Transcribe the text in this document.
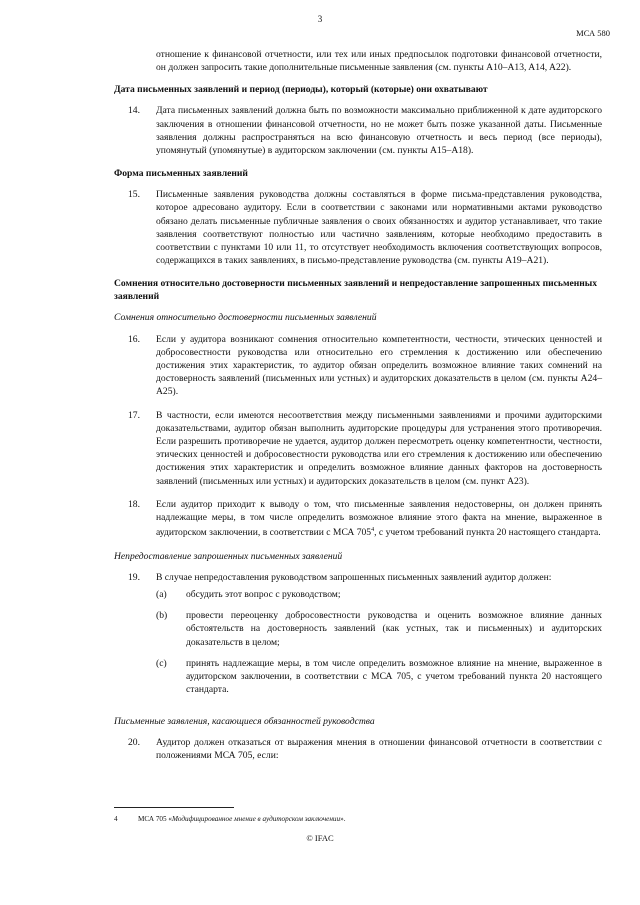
3
МСА 580

отношение к финансовой отчетности, или тех или иных предпосылок подготовки финансовой отчетности, он должен запросить такие дополнительные письменные заявления (см. пункты A10–A13, A14, A22).

Дата письменных заявлений и период (периоды), который (которые) они охватывают
14.	Дата письменных заявлений должна быть по возможности максимально приближенной к дате аудиторского заключения в отношении финансовой отчетности, но не может быть позже указанной даты. Письменные заявления должны распространяться на всю финансовую отчетность и весь период (все периоды), упомянутый (упомянутые) в аудиторском заключении (см. пункты A15–A18).

Форма письменных заявлений
15.	Письменные заявления руководства должны составляться в форме письма-представления руководства, которое адресовано аудитору. Если в соответствии с законами или нормативными актами руководство обязано делать письменные публичные заявления о своих обязанностях и аудитор устанавливает, что такие заявления соответствуют полностью или частично заявлениям, которые необходимо предоставить в соответствии с пунктами 10 или 11, то отсутствует необходимость включения соответствующих вопросов, содержащихся в таких заявлениях, в письмо-представление руководства (см. пункты A19–A21).

Сомнения относительно достоверности письменных заявлений и непредоставление запрошенных письменных заявлений
Сомнения относительно достоверности письменных заявлений
16.	Если у аудитора возникают сомнения относительно компетентности, честности, этических ценностей и добросовестности руководства или относительно его стремления к достижению или обеспечению достижения этих характеристик, то аудитор обязан определить возможное влияние таких сомнений на достоверность заявлений (письменных или устных) и аудиторских доказательств в целом (см. пункты A24–A25).

17.	В частности, если имеются несоответствия между письменными заявлениями и прочими аудиторскими доказательствами, аудитор обязан выполнить аудиторские процедуры для устранения этого противоречия. Если разрешить противоречие не удается, аудитор должен пересмотреть оценку компетентности, честности, этических ценностей и добросовестности руководства или его стремления к достижению или обеспечению достижения этих характеристик и определить возможное влияние данных факторов на достоверность заявлений (письменных или устных) и аудиторских доказательств в целом (см. пункт A23).

18.	Если аудитор приходит к выводу о том, что письменные заявления недостоверны, он должен принять надлежащие меры, в том числе определить возможное влияние этого факта на мнение, выраженное в аудиторском заключении, в соответствии с МСА $705^4$, с учетом требований пункта 20 настоящего стандарта.

Непредоставление запрошенных письменных заявлений
19.	В случае непредоставления руководством запрошенных письменных заявлений аудитор должен:

(a)	обсудить этот вопрос с руководством;

(b)	провести переоценку добросовестности руководства и оценить возможное влияние данных обстоятельств на достоверность заявлений (как устных, так и письменных) и аудиторских доказательств в целом;

(c)	принять надлежащие меры, в том числе определить возможное влияние на мнение, выраженное в аудиторском заключении, в соответствии с МСА 705, с учетом требований пункта 20 настоящего стандарта.

Письменные заявления, касающиеся обязанностей руководства
20.	Аудитор должен отказаться от выражения мнения в отношении финансовой отчетности в соответствии с положениями МСА 705, если:

4	МСА 705 «Модифицированное мнение в аудиторском заключении».
© IFAC
